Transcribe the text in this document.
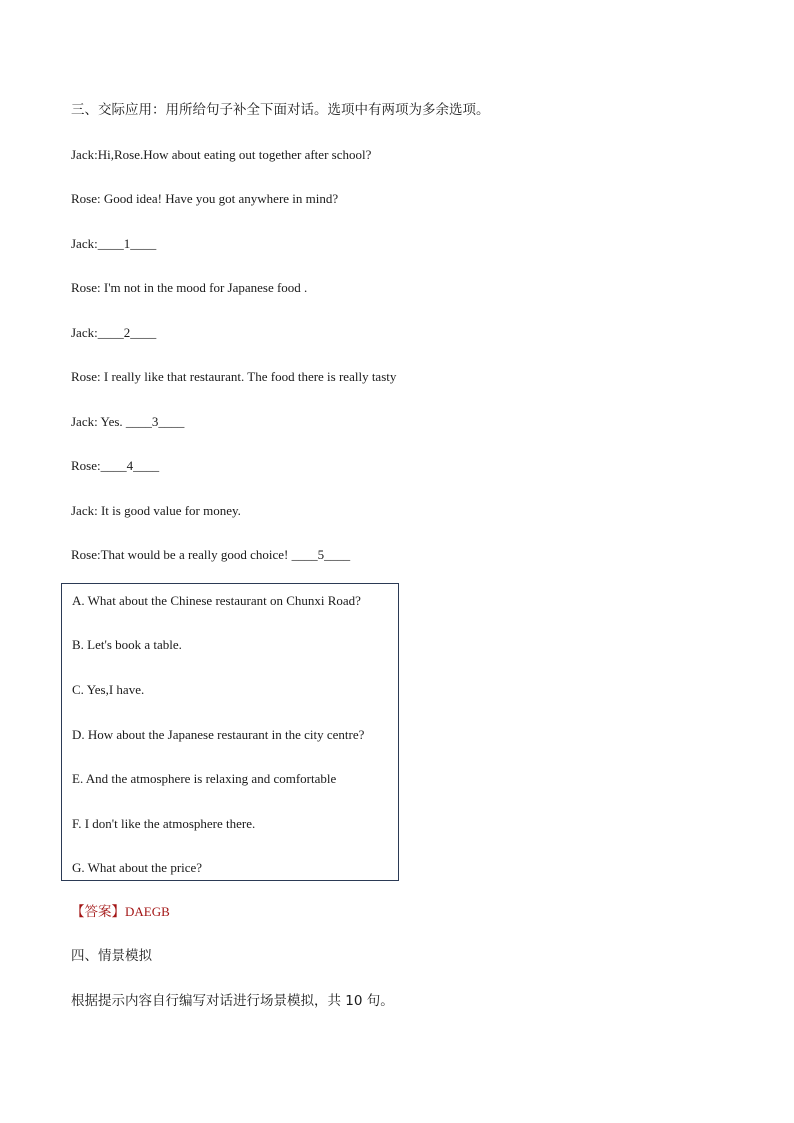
三、交际应用：用所给句子补全下面对话。选项中有两项为多余选项。
Jack:Hi,Rose.How about eating out together after school?
Rose: Good idea! Have you got anywhere in mind?
Jack:____1____
Rose: I'm not in the mood for Japanese food .
Jack:____2____
Rose: I really like that restaurant. The food there is really tasty
Jack: Yes. ____3____
Rose:____4____
Jack: It is good value for money.
Rose:That would be a really good choice! ____5____
A. What about the Chinese restaurant on Chunxi Road?
B. Let's book a table.
C. Yes,I have.
D. How about the Japanese restaurant in the city centre?
E. And the atmosphere is relaxing and comfortable
F. I don't like the atmosphere there.
G. What about the price?
【答案】DAEGB
四、情景模拟
根据提示内容自行编写对话进行场景模拟，共 10 句。
